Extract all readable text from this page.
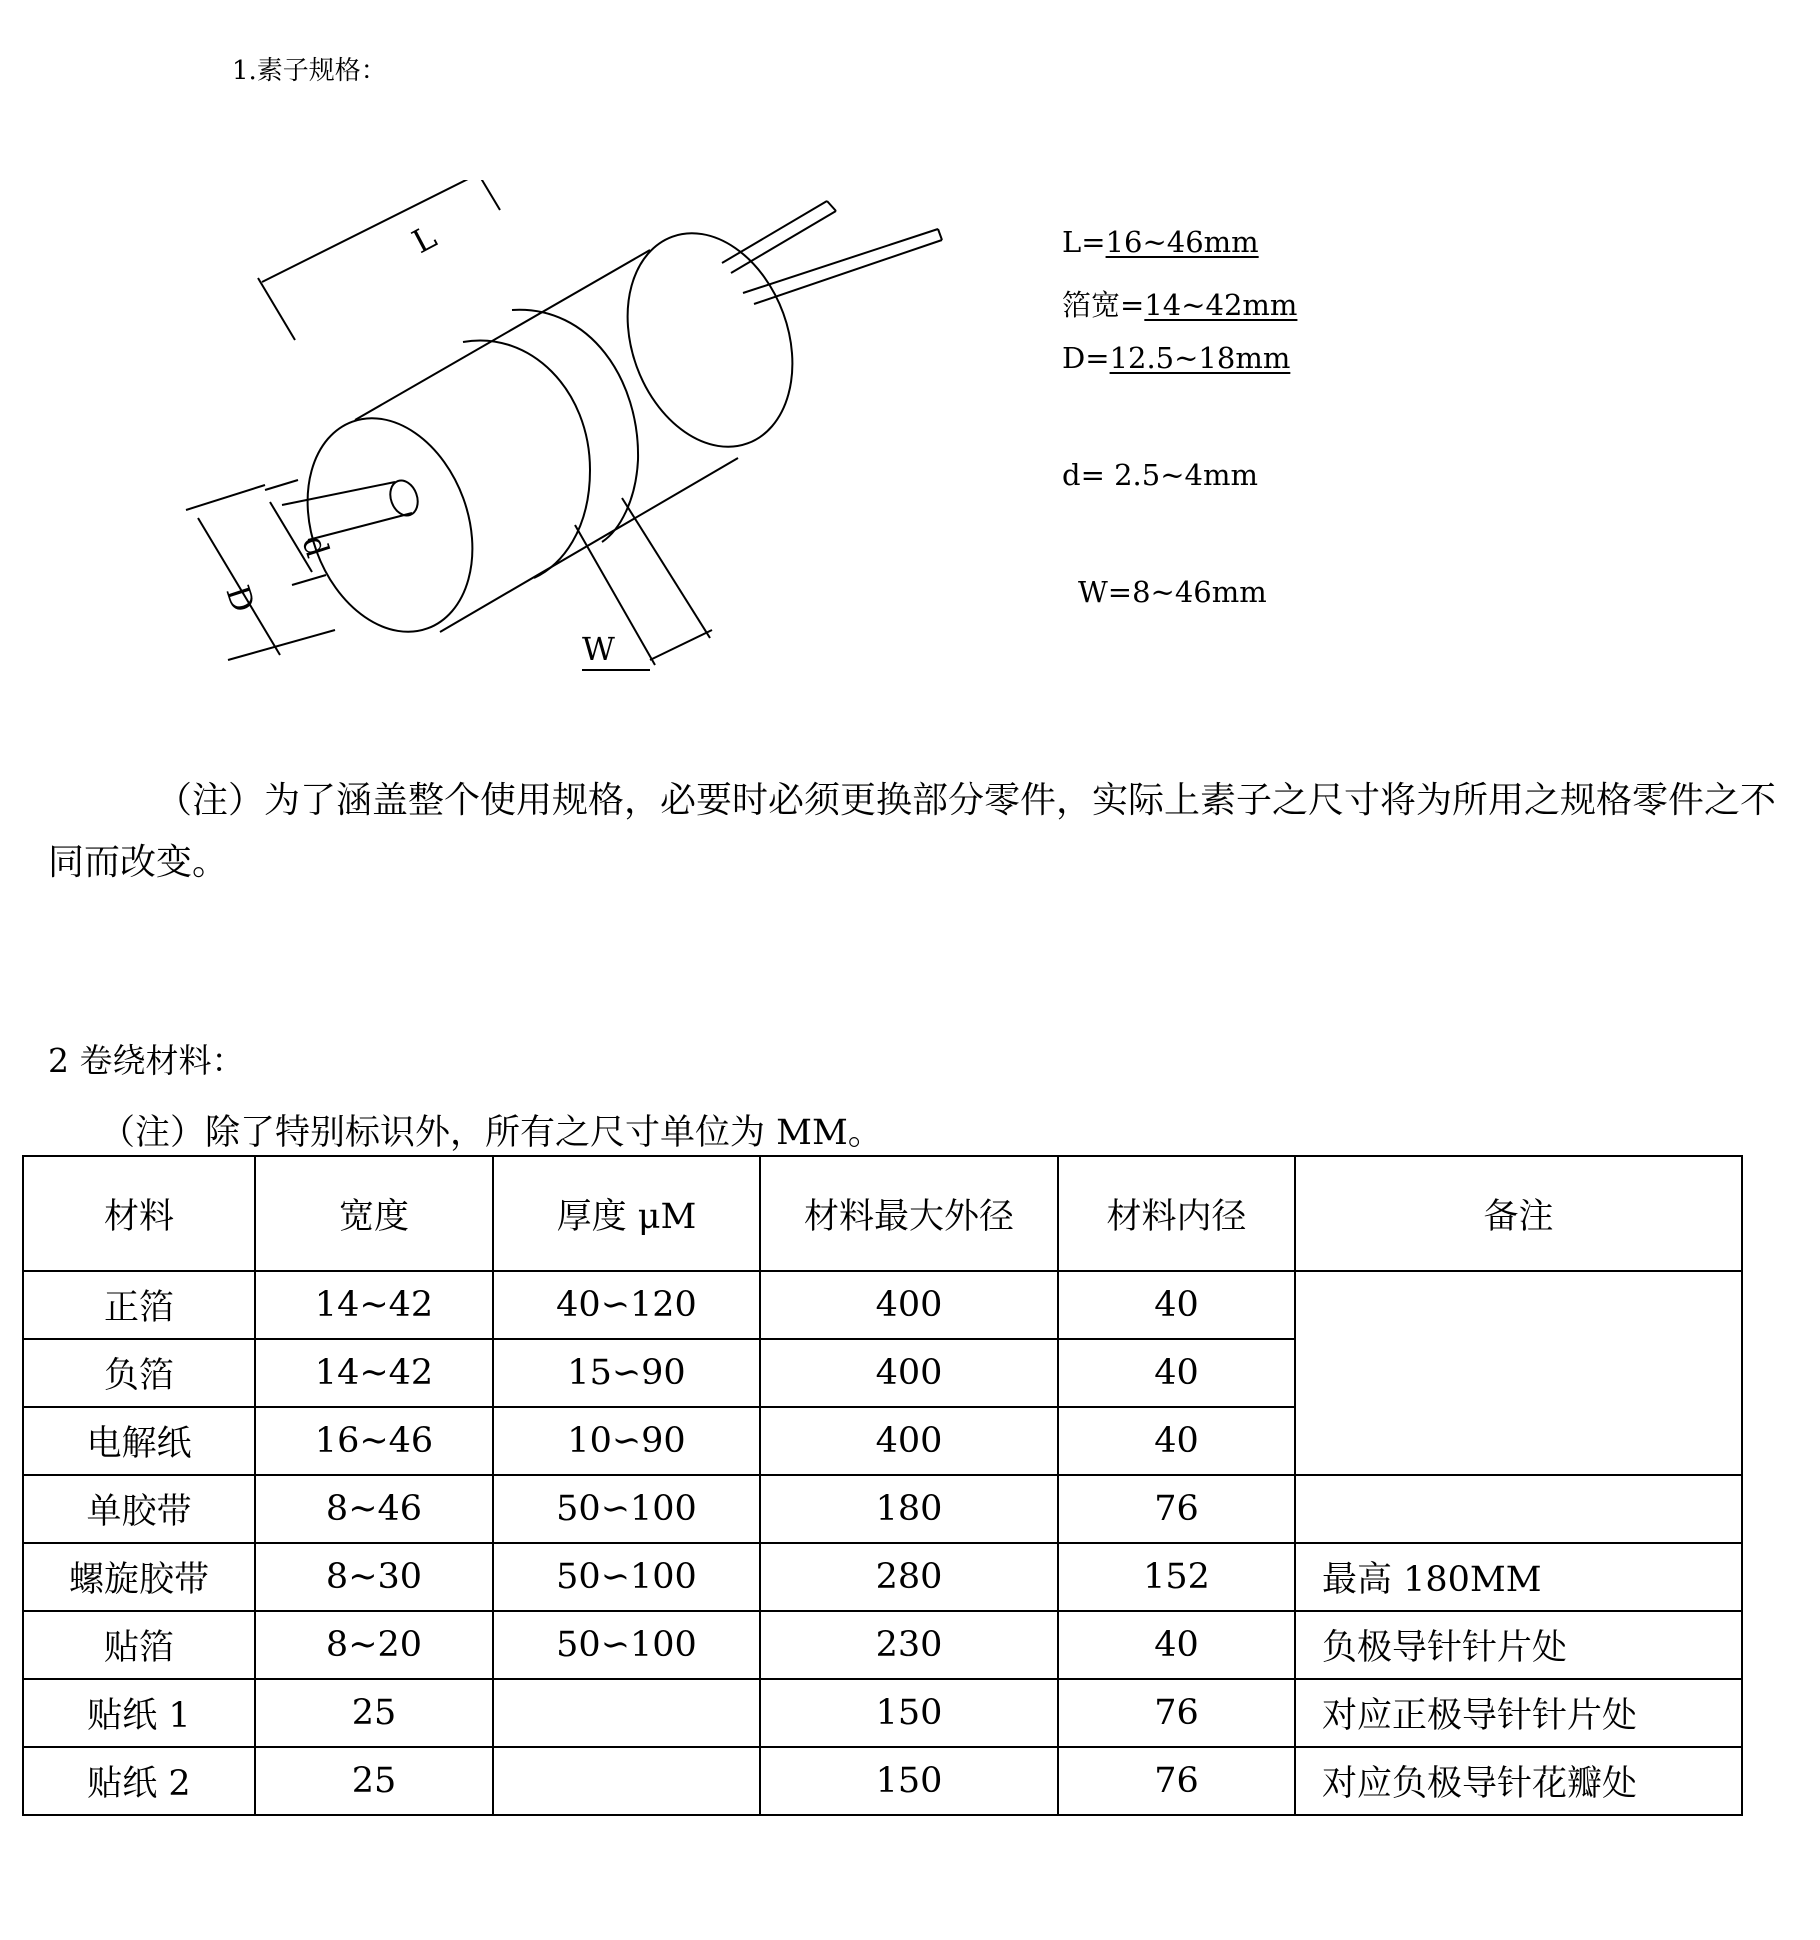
1.素子规格：
L
d
D
W
L=16~46mm
箔宽=14~42mm
D=12.5~18mm
d= 2.5~4mm
W=8~46mm
（注）为了涵盖整个使用规格，必要时必须更换部分零件，实际上素子之尺寸将为所用之规格零件之不同而改变。
2 卷绕材料：
（注）除了特别标识外，所有之尺寸单位为 MM。
材料	宽度	厚度 μM	材料最大外径	材料内径	备注
正箔	14~42	40∽120	400	40	
负箔	14~42	15∽90	400	40	
电解纸	16~46	10∽90	400	40	
单胶带	8~46	50∽100	180	76	
螺旋胶带	8~30	50∽100	280	152	最高 180MM
贴箔	8~20	50∽100	230	40	负极导针针片处
贴纸 1	25		150	76	对应正极导针针片处
贴纸 2	25		150	76	对应负极导针花瓣处
